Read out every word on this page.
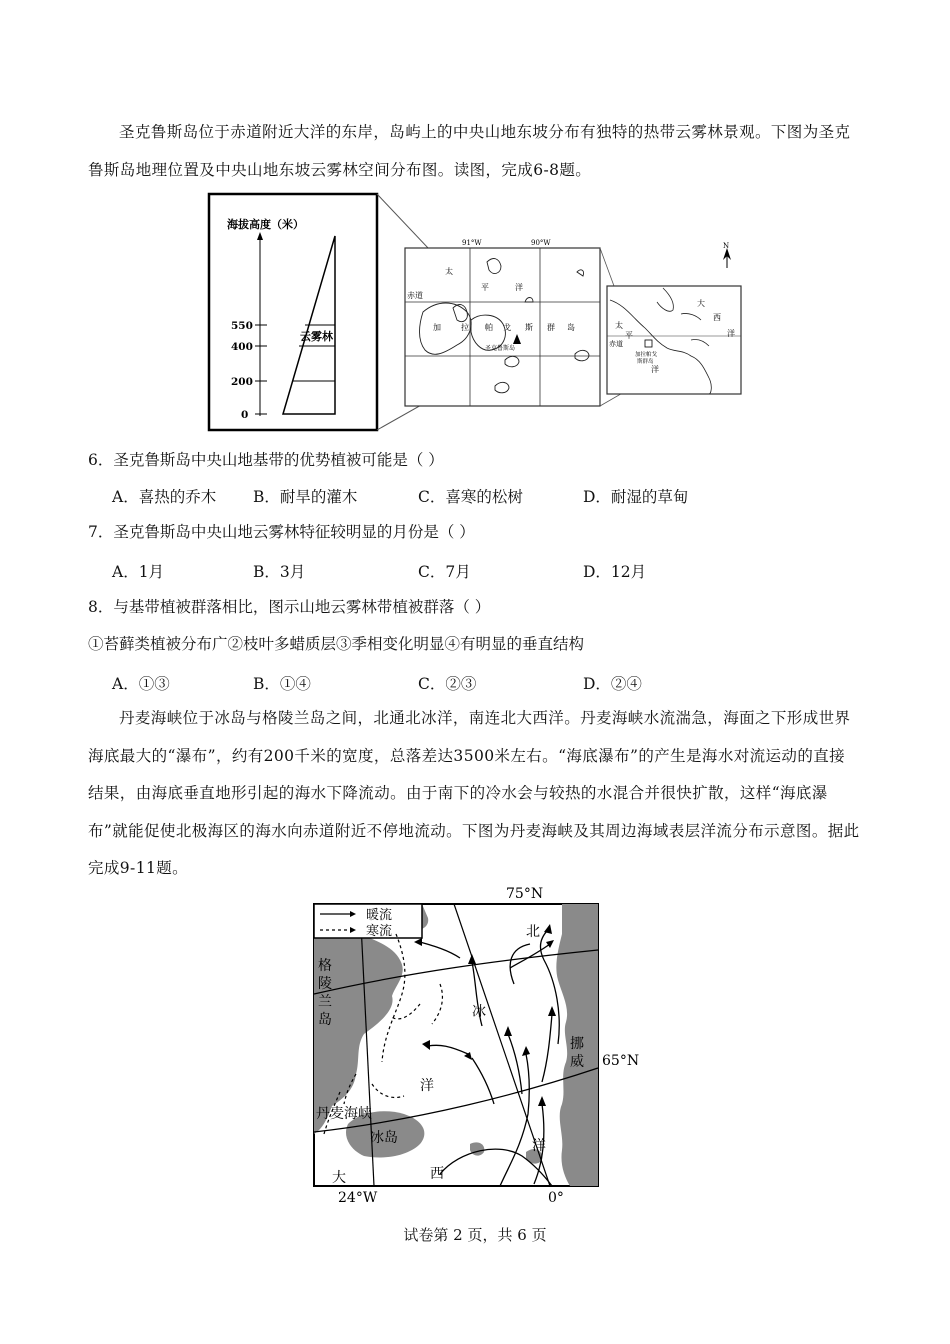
圣克鲁斯岛位于赤道附近大洋的东岸，岛屿上的中央山地东坡分布有独特的热带云雾林景观。下图为圣克鲁斯岛地理位置及中央山地东坡云雾林空间分布图。读图，完成6-8题。

海拔高度（米）
550
400
200
0
云雾林
91°W	90°W
赤道
太
平	洋
加	拉 帕 戈 斯 群 岛
圣克鲁斯岛
N
大
西
洋
太
平
洋
赤道
加拉帕戈
斯群岛
6．圣克鲁斯岛中央山地基带的优势植被可能是（ ）
A．喜热的乔木 B．耐旱的灌木	C．喜寒的松树	D．耐湿的草甸
7．圣克鲁斯岛中央山地云雾林特征较明显的月份是（ ）
A．1月	B．3月	C．7月	D．12月
8．与基带植被群落相比，图示山地云雾林带植被群落（ ）
①苔藓类植被分布广②枝叶多蜡质层③季相变化明显④有明显的垂直结构
A．①③	B．①④	C．②③	D．②④

丹麦海峡位于冰岛与格陵兰岛之间，北通北冰洋，南连北大西洋。丹麦海峡水流湍急，海面之下形成世界海底最大的“瀑布”，约有200千米的宽度，总落差达3500米左右。“海底瀑布”的产生是海水对流运动的直接结果，由海底垂直地形引起的海水下降流动。由于南下的冷水会与较热的水混合并很快扩散，这样“海底瀑布”就能促使北极海区的海水向赤道附近不停地流动。下图为丹麦海峡及其周边海域表层洋流分布示意图。据此完成9-11题。

暖流
寒流
75°N
65°N
24°W	0°
格
陵
兰
岛
挪
威
冰岛
丹麦海峡
北
冰
洋
大	西
洋
试卷第 2 页，共 6 页
